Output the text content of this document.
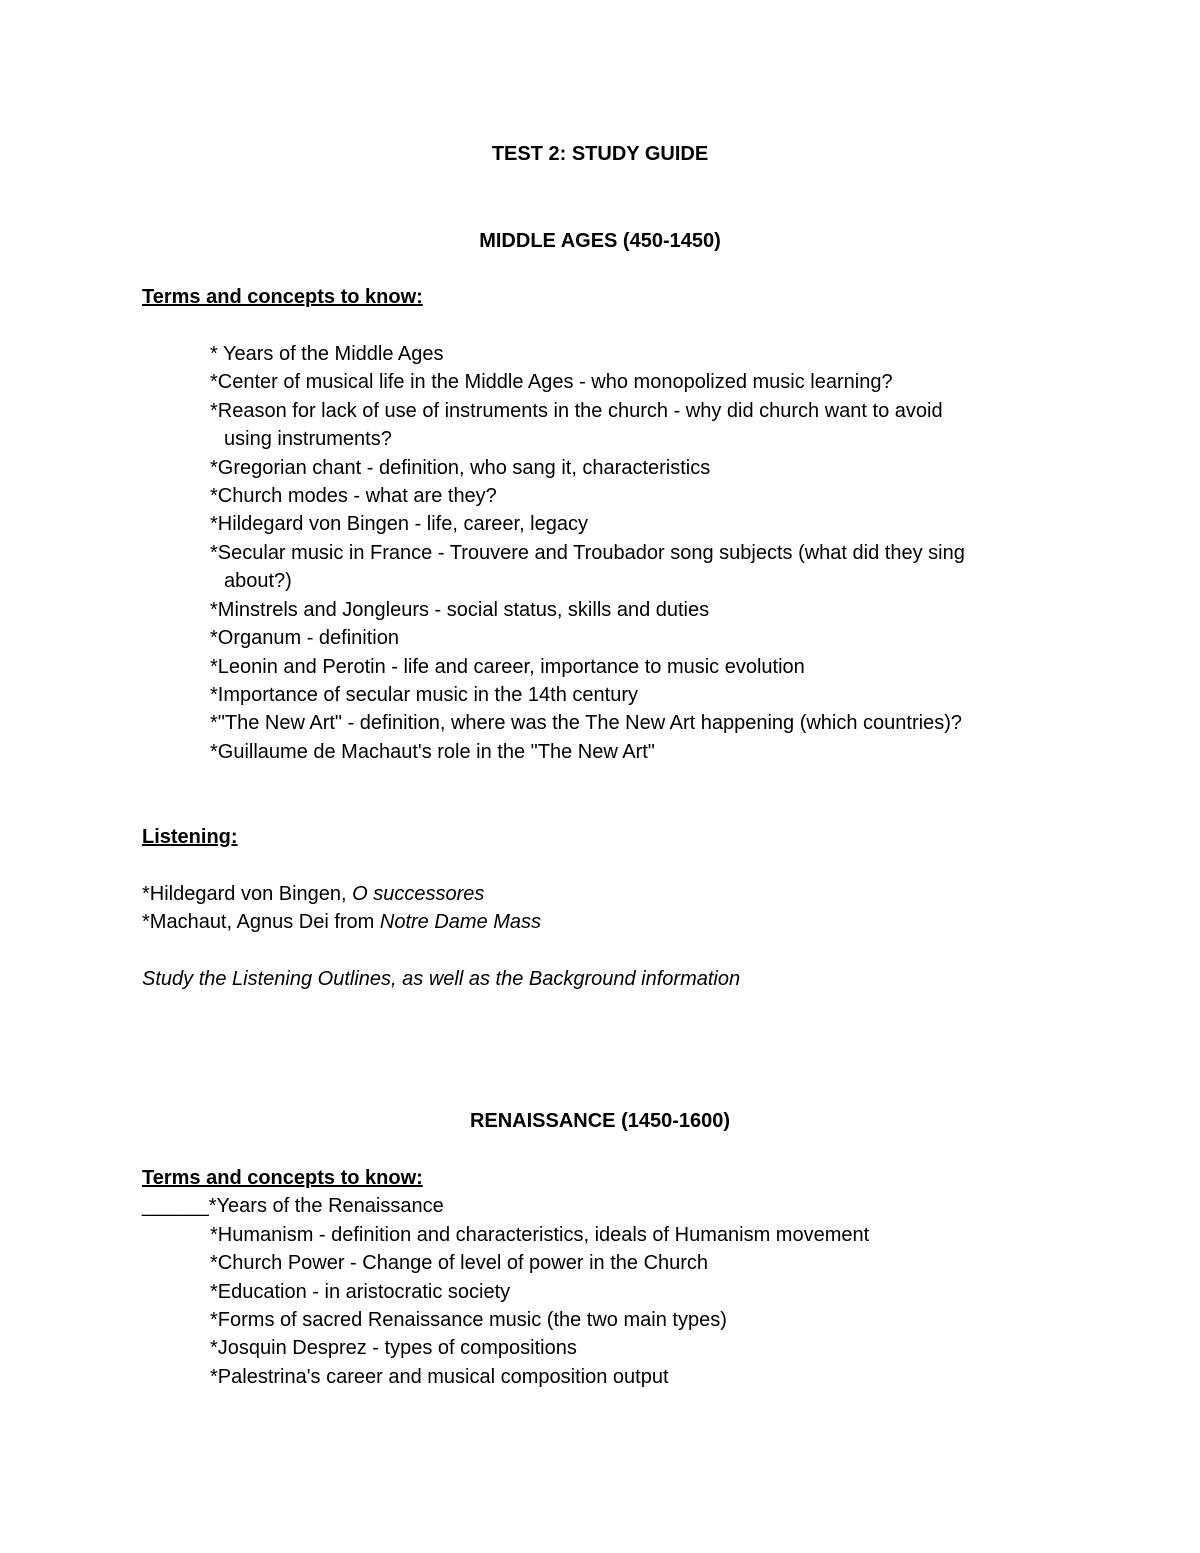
TEST 2: STUDY GUIDE
MIDDLE AGES (450-1450)
Terms and concepts to know:
* Years of the Middle Ages
*Center of musical life in the Middle Ages - who monopolized music learning?
*Reason for lack of use of instruments in the church - why did church want to avoid
using instruments?
*Gregorian chant - definition, who sang it, characteristics
*Church modes - what are they?
*Hildegard von Bingen - life, career, legacy
*Secular music in France - Trouvere and Troubador song subjects (what did they sing
about?)
*Minstrels and Jongleurs - social status, skills and duties
*Organum - definition
*Leonin and Perotin - life and career, importance to music evolution
*Importance of secular music in the 14th century
*"The New Art" - definition, where was the The New Art happening (which countries)?
*Guillaume de Machaut's role in the "The New Art"
Listening:
*Hildegard von Bingen, O successores
*Machaut, Agnus Dei from Notre Dame Mass
Study the Listening Outlines, as well as the Background information
RENAISSANCE (1450-1600)
Terms and concepts to know:
______*Years of the Renaissance
*Humanism - definition and characteristics, ideals of Humanism movement
*Church Power - Change of level of power in the Church
*Education - in aristocratic society
*Forms of sacred Renaissance music (the two main types)
*Josquin Desprez - types of compositions
*Palestrina's career and musical composition output
